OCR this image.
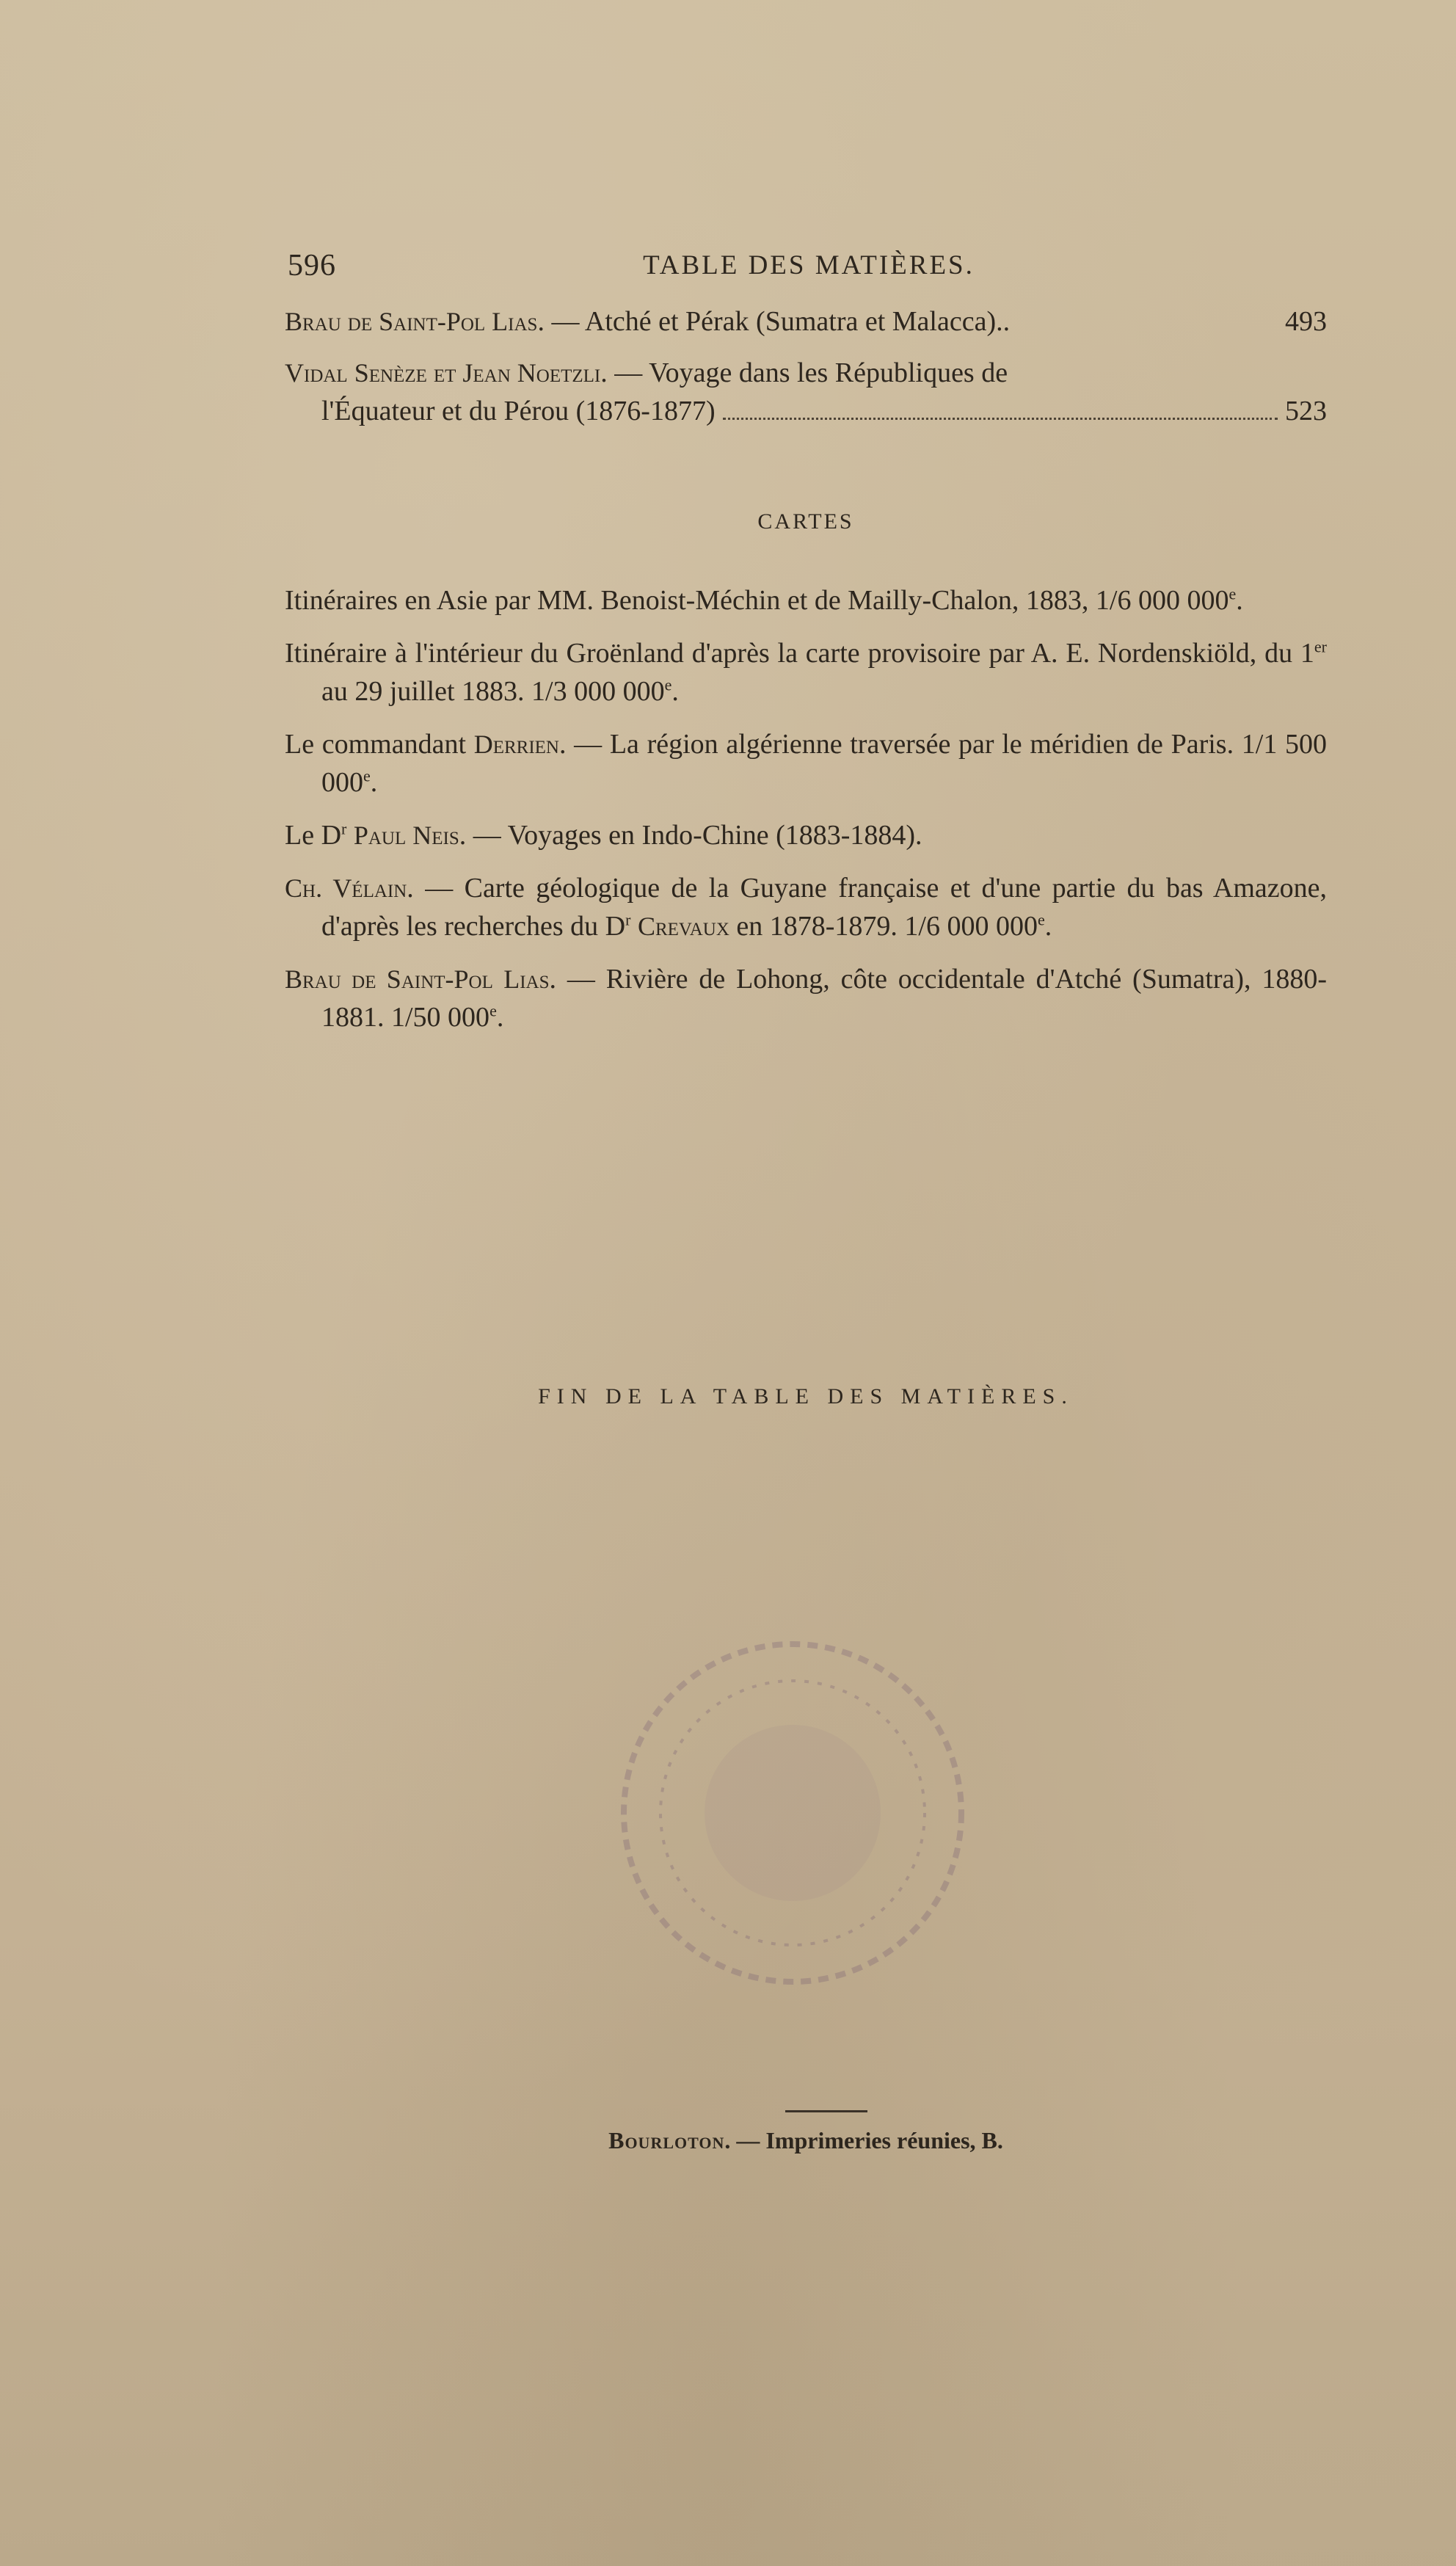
596	TABLE DES MATIÈRES.
Brau de Saint-Pol Lias. — Atché et Pérak (Sumatra et Malacca)..	493
Vidal Senèze et Jean Noetzli. — Voyage dans les Républiques de
l'Équateur et du Pérou (1876-1877)	523
CARTES

Itinéraires en Asie par MM. Benoist-Méchin et de Mailly-Chalon, 1883, 1/6 000 000e.

Itinéraire à l'intérieur du Groënland d'après la carte provisoire par A. E. Nordenskiöld, du 1er au 29 juillet 1883. 1/3 000 000e.

Le commandant Derrien. — La région algérienne traversée par le méridien de Paris. 1/1 500 000e.

Le $D^r$ Paul Neis. — Voyages en Indo-Chine (1883-1884).

Ch. Vélain. — Carte géologique de la Guyane française et d'une partie du bas Amazone, d'après les recherches du $D^r$ Crevaux en 1878-1879. 1/6 000 000e.

Brau de Saint-Pol Lias. — Rivière de Lohong, côte occidentale d'Atché (Sumatra), 1880-1881. 1/50 000e.

FIN DE LA TABLE DES MATIÈRES.
Bourloton. — Imprimeries réunies, B.
